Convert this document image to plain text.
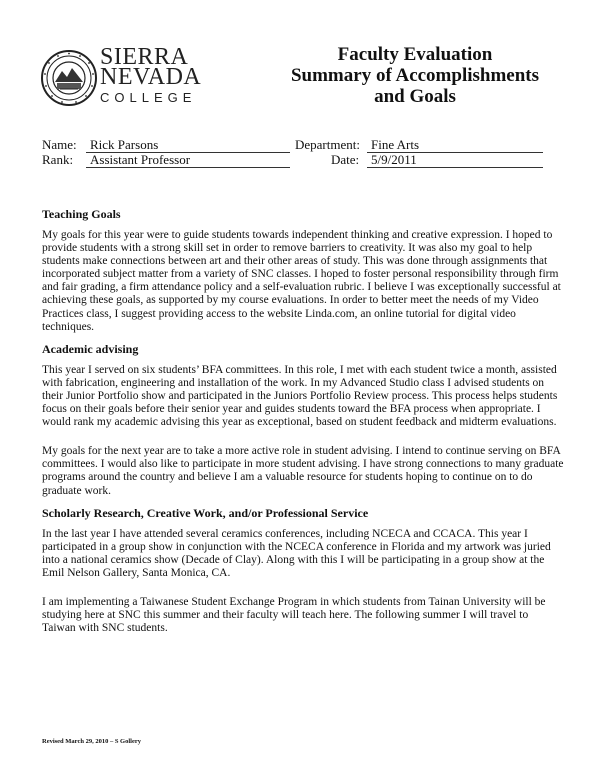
SIERRA
NEVADA
COLLEGE
Faculty Evaluation
Summary of Accomplishments
and Goals
Name:	Rick Parsons	Department: Fine Arts
Rank:	Assistant Professor	Date: 5/9/2011
Teaching Goals

My goals for this year were to guide students towards independent thinking and creative expression. I hoped to provide students with a strong skill set in order to remove barriers to creativity. It was also my goal to help students make connections between art and their other areas of study. This was done through assignments that incorporated subject matter from a variety of SNC classes. I hoped to foster personal responsibility through firm and fair grading, a firm attendance policy and a self-evaluation rubric. I believe I was exceptionally successful at achieving these goals, as supported by my course evaluations. In order to better meet the needs of my Video Practices class, I suggest providing access to the website Linda.com, an online tutorial for digital video techniques.

Academic advising

This year I served on six students’ BFA committees. In this role, I met with each student twice a month, assisted with fabrication, engineering and installation of the work. In my Advanced Studio class I advised students on their Junior Portfolio show and participated in the Juniors Portfolio Review process. This process helps students focus on their goals before their senior year and guides students toward the BFA process when appropriate. I would rank my academic advising this year as exceptional, based on student feedback and midterm evaluations.

My goals for the next year are to take a more active role in student advising. I intend to continue serving on BFA committees. I would also like to participate in more student advising. I have strong connections to many graduate programs around the country and believe I am a valuable resource for students hoping to continue on to do graduate work.

Scholarly Research, Creative Work, and/or Professional Service

In the last year I have attended several ceramics conferences, including NCECA and CCACA. This year I participated in a group show in conjunction with the NCECA conference in Florida and my artwork was juried into a national ceramics show (Decade of Clay). Along with this I will be participating in a group show at the Emil Nelson Gallery, Santa Monica, CA.

I am implementing a Taiwanese Student Exchange Program in which students from Tainan University will be studying here at SNC this summer and their faculty will teach here. The following summer I will travel to Taiwan with SNC students.

Revised March 29, 2010 – S Gollery
